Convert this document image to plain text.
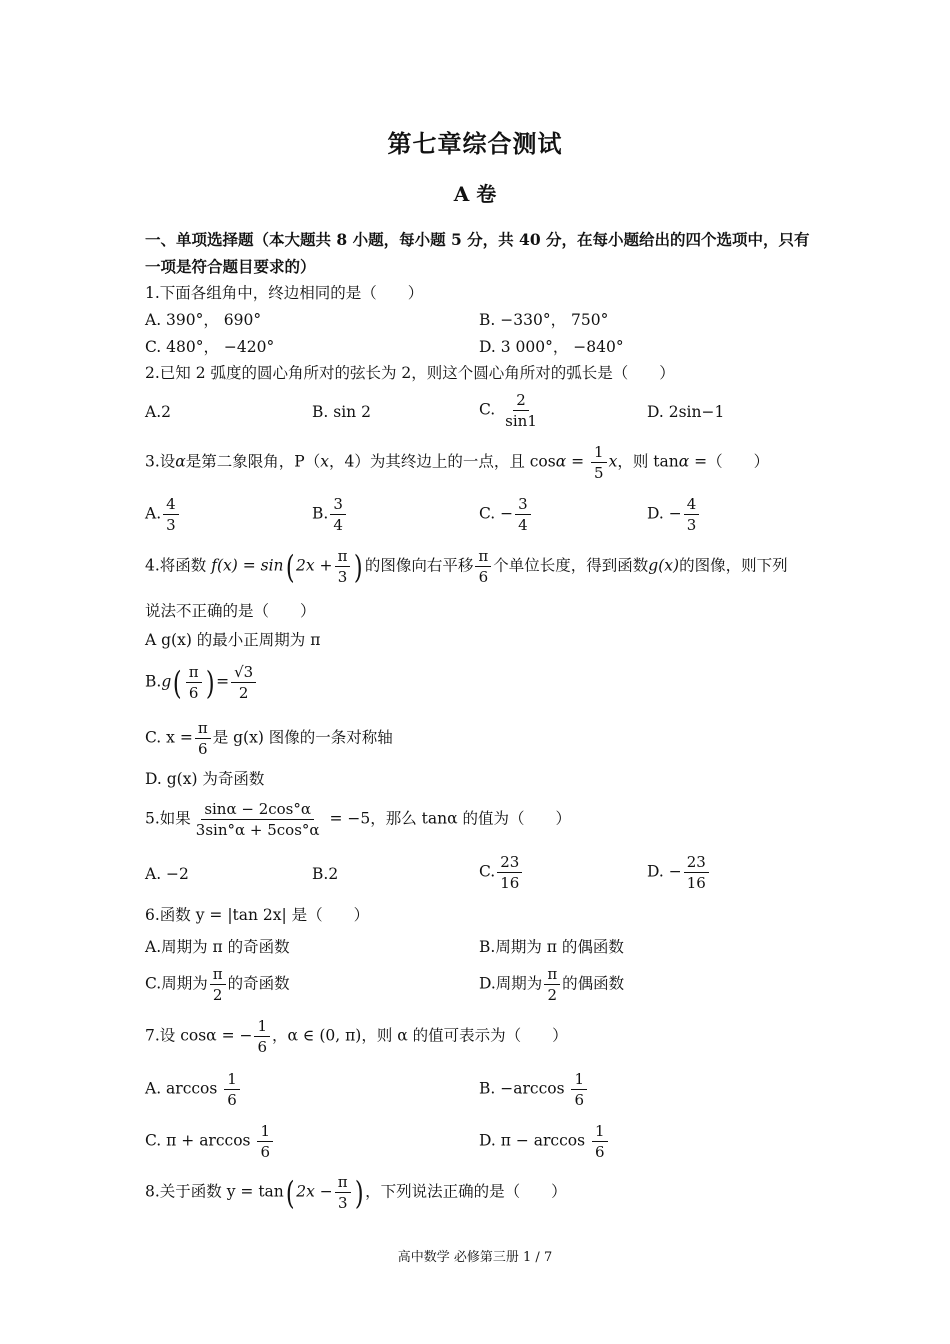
第七章综合测试
A 卷
一、单项选择题（本大题共 8 小题，每小题 5 分，共 40 分，在每小题给出的四个选项中，只有一项是符合题目要求的）
1.下面各组角中，终边相同的是（　　）
A. 390°， 690°	B. −330°， 750°
C. 480°， −420°	D. 3 000°， −840°
2.已知 2 弧度的圆心角所对的弦长为 2，则这个圆心角所对的弧长是（　　）
A.2	B. sin 2	C. $\frac{2}{\sin 1}$	D. 2sin−1
3.设α是第二象限角，P（x，4）为其终边上的一点，且 $\cos\alpha = \frac{1}{5}$ x，则 tanα =（　　）
A. $\frac{4}{3}$	B. $\frac{3}{4}$	C. − $\frac{3}{4}$	D. − $\frac{4}{3}$
4.将函数 f(x) = sin( $2x + \frac{\pi}{3}$ ) 的图像向右平移 $\frac{\pi}{6}$ 个单位长度，得到函数g(x)的图像，则下列
说法不正确的是（　　）
A g(x) 的最小正周期为 π
$B.g( \frac{\pi}{6}$ ) = $\frac{√3}{2}$
C. $x = \frac{\pi}{6}$ 是 g(x) 图像的一条对称轴
D. g(x) 为奇函数
5.如果 $\frac{\sin\alpha - 2\cos^\circ\alpha}{3\sin^\circ\alpha + 5\cos^\circ\alpha} = -5$，那么 tanα 的值为（　　）
A. −2	B.2	C. $\frac{23}{16}$	D. − $\frac{23}{16}$
6.函数 y = |tan 2x| 是（　　）
A.周期为 π 的奇函数	B.周期为 π 的偶函数
C.周期为 $\frac{\pi}{2}$ 的奇函数	D.周期为 $\frac{\pi}{2}$ 的偶函数
7.设 cosα = − $\frac{1}{6}$ ，α ∈ (0, π)，则 α 的值可表示为（　　）
A. $\arccos \frac{1}{6}$	B. $-\arccos \frac{1}{6}$
C. $\pi + \arccos \frac{1}{6}$	D. $\pi - \arccos \frac{1}{6}$
8.关于函数 y = tan( $2x - \frac{\pi}{3}$ ) ，下列说法正确的是（　　）
高中数学 必修第三册 1 / 7
